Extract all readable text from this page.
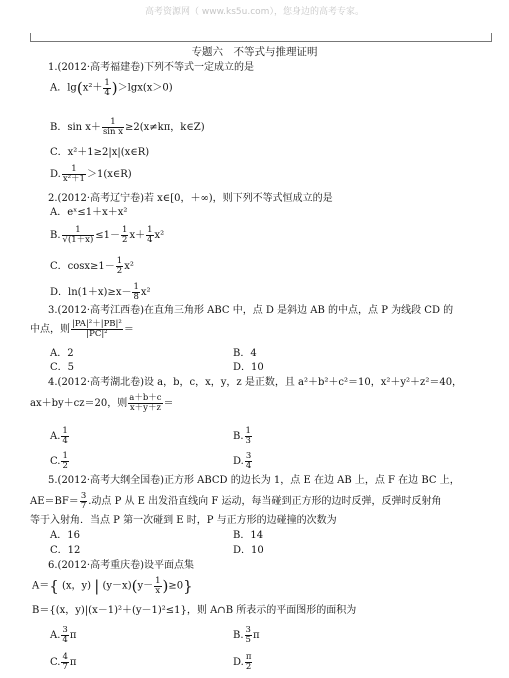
高考资源网（ www.ks5u.com），您身边的高考专家。
专题六　不等式与推理证明
1.(2012·高考福建卷)下列不等式一定成立的是
A．$\lg(x^2+ \frac{1}{4} )>\lg x(x>0)$
B．$\sin x+ \frac{1}{\text{sin x}} \ge 2(x\ne k\pi$，k∈Z)
C．x²＋1≥2|x|(x∈R)
D. $\frac{1}{\text{x²＋1}}$ ＞1(x∈R)
2.(2012·高考辽宁卷)若 x∈[0，＋∞)，则下列不等式恒成立的是
A．eˣ≤1＋x＋x²
B. $\frac{1}{√(1+x)} \le 1- \frac{1}{2} x+ \frac{1}{4} x^2$
C．$\cos x\ge 1- \frac{1}{2} x^2$
D．$\ln(1+x)\ge x- \frac{1}{8} x^2$
3.(2012·高考江西卷)在直角三角形 ABC 中，点 D 是斜边 AB 的中点，点 P 为线段 CD 的
中点，则 $\frac{\text{|PA|²＋|PB|²}}{\text{|PC|²}}$ ＝
A．2	B．4
C．5	D．10
4.(2012·高考湖北卷)设 a，b，c，x，y，z 是正数，且 a²＋b²＋c²＝10，x²＋y²＋z²＝40，
ax＋by＋cz＝20，则 $\frac{a+b+c}{x+y+z}$ ＝
A. $\frac{1}{4}$	B. $\frac{1}{3}$
C. $\frac{1}{2}$	D. $\frac{3}{4}$
5.(2012·高考大纲全国卷)正方形 ABCD 的边长为 1，点 E 在边 AB 上，点 F 在边 BC 上，
$AE=BF= \frac{3}{7}$ .动点 P 从 E 出发沿直线向 F 运动，每当碰到正方形的边时反弹，反弹时反射角
等于入射角．当点 P 第一次碰到 E 时，P 与正方形的边碰撞的次数为
A．16	B．14
C．12	D．10
6.(2012·高考重庆卷)设平面点集
A＝{ (x，y) | $(y-x)(y- \frac{1}{x} )\ge 0$}
B＝{(x，y)|(x－1)²＋(y－1)²≤1}，则 A∩B 所表示的平面图形的面积为
A. $\frac{3}{4}$ π	B. $\frac{3}{5}$ π
C. $\frac{4}{7}$ π	D. $\frac{\pi}{2}$
